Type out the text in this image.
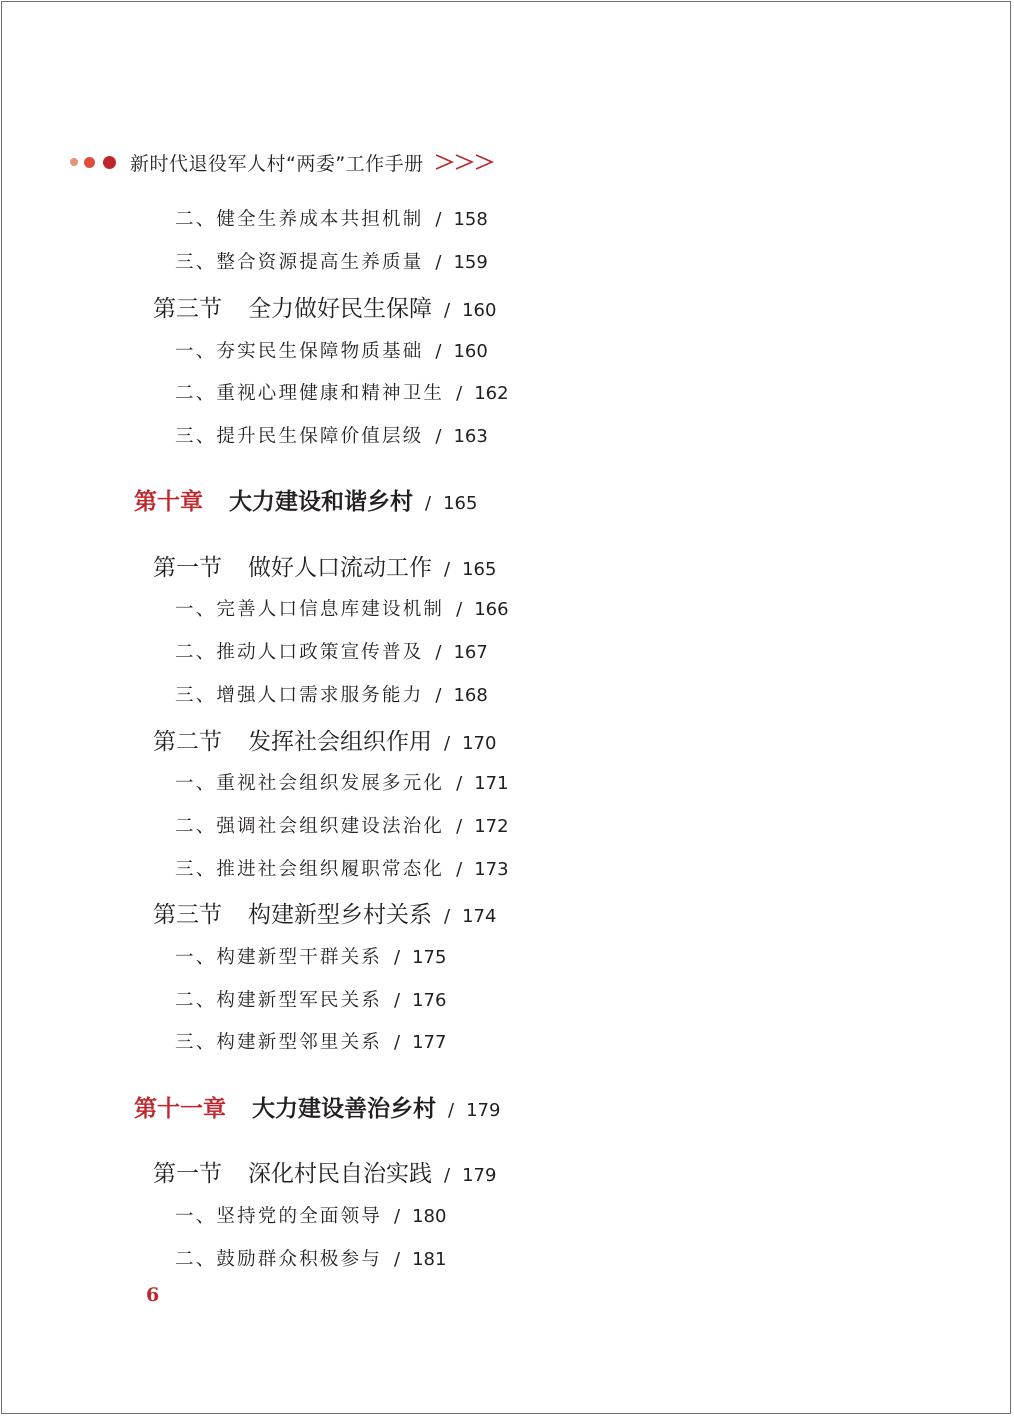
新时代退役军人村“两委”工作手册
二、健全生养成本共担机制 / 158
三、整合资源提高生养质量 / 159
第三节 全力做好民生保障 / 160
一、夯实民生保障物质基础 / 160
二、重视心理健康和精神卫生 / 162
三、提升民生保障价值层级 / 163
第十章 大力建设和谐乡村 / 165
第一节 做好人口流动工作 / 165
一、完善人口信息库建设机制 / 166
二、推动人口政策宣传普及 / 167
三、增强人口需求服务能力 / 168
第二节 发挥社会组织作用 / 170
一、重视社会组织发展多元化 / 171
二、强调社会组织建设法治化 / 172
三、推进社会组织履职常态化 / 173
第三节 构建新型乡村关系 / 174
一、构建新型干群关系 / 175
二、构建新型军民关系 / 176
三、构建新型邻里关系 / 177
第十一章 大力建设善治乡村 / 179
第一节 深化村民自治实践 / 179
一、坚持党的全面领导 / 180
二、鼓励群众积极参与 / 181
6
